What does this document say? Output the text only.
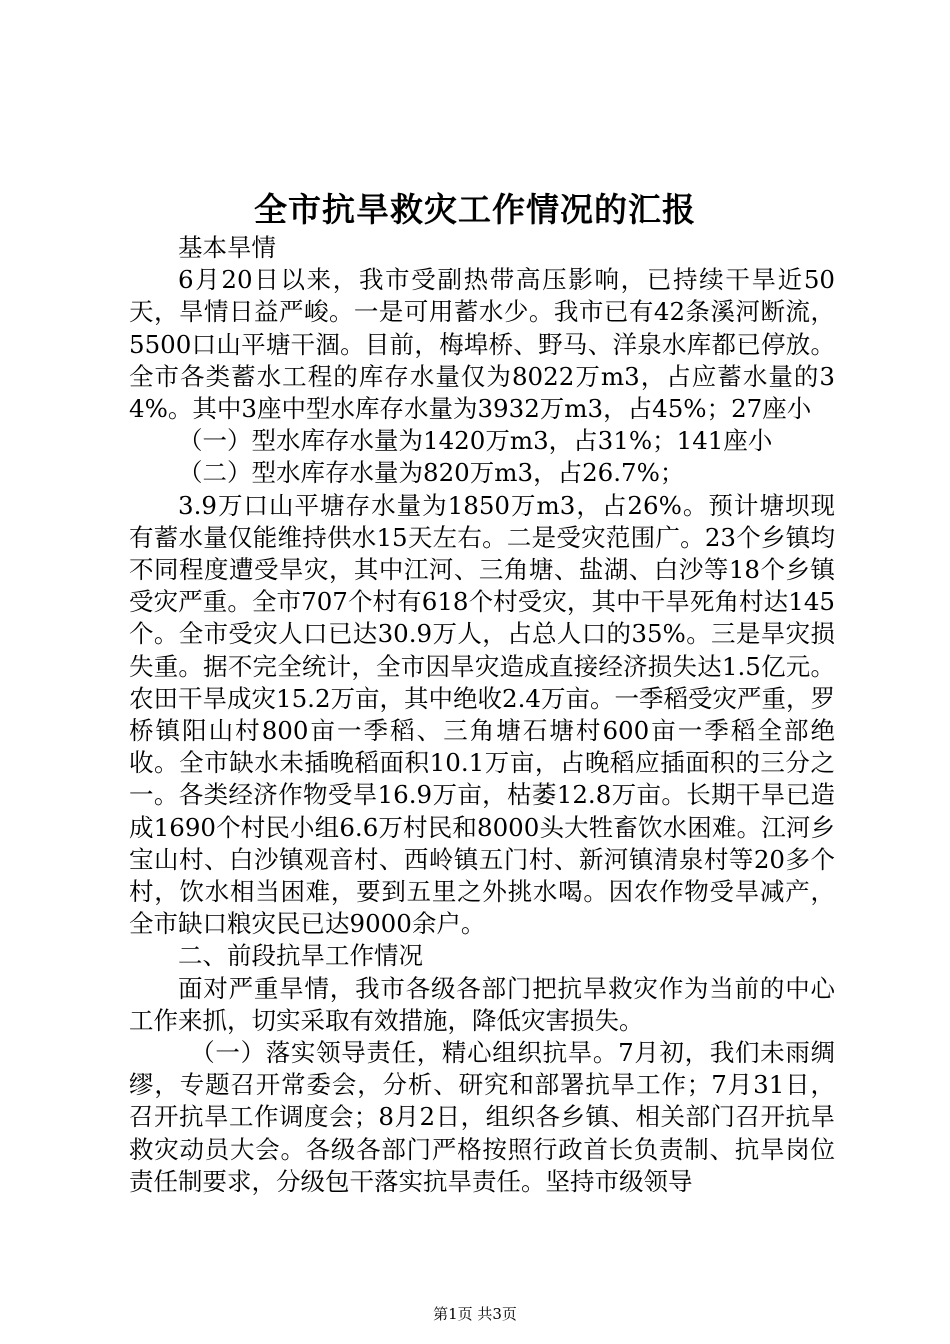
全市抗旱救灾工作情况的汇报

基本旱情

6月20日以来，我市受副热带高压影响，已持续干旱近50天，旱情日益严峻。一是可用蓄水少。我市已有42条溪河断流，5500口山平塘干涸。目前，梅埠桥、野马、洋泉水库都已停放。全市各类蓄水工程的库存水量仅为8022万m3，占应蓄水量的34%。其中3座中型水库存水量为3932万m3，占45%；27座小

（一）型水库存水量为1420万m3，占31%；141座小

（二）型水库存水量为820万m3，占26.7%；

3.9万口山平塘存水量为1850万m3，占26%。预计塘坝现有蓄水量仅能维持供水15天左右。二是受灾范围广。23个乡镇均不同程度遭受旱灾，其中江河、三角塘、盐湖、白沙等18个乡镇受灾严重。全市707个村有618个村受灾，其中干旱死角村达145个。全市受灾人口已达30.9万人，占总人口的35%。三是旱灾损失重。据不完全统计，全市因旱灾造成直接经济损失达1.5亿元。农田干旱成灾15.2万亩，其中绝收2.4万亩。一季稻受灾严重，罗桥镇阳山村800亩一季稻、三角塘石塘村600亩一季稻全部绝收。全市缺水未插晚稻面积10.1万亩，占晚稻应插面积的三分之一。各类经济作物受旱16.9万亩，枯萎12.8万亩。长期干旱已造成1690个村民小组6.6万村民和8000头大牲畜饮水困难。江河乡宝山村、白沙镇观音村、西岭镇五门村、新河镇清泉村等20多个村，饮水相当困难，要到五里之外挑水喝。因农作物受旱减产，全市缺口粮灾民已达9000余户。

二、前段抗旱工作情况

面对严重旱情，我市各级各部门把抗旱救灾作为当前的中心工作来抓，切实采取有效措施，降低灾害损失。

（一）落实领导责任，精心组织抗旱。7月初，我们未雨绸缪，专题召开常委会，分析、研究和部署抗旱工作；7月31日，召开抗旱工作调度会；8月2日，组织各乡镇、相关部门召开抗旱救灾动员大会。各级各部门严格按照行政首长负责制、抗旱岗位责任制要求，分级包干落实抗旱责任。坚持市级领导

第1页 共3页
